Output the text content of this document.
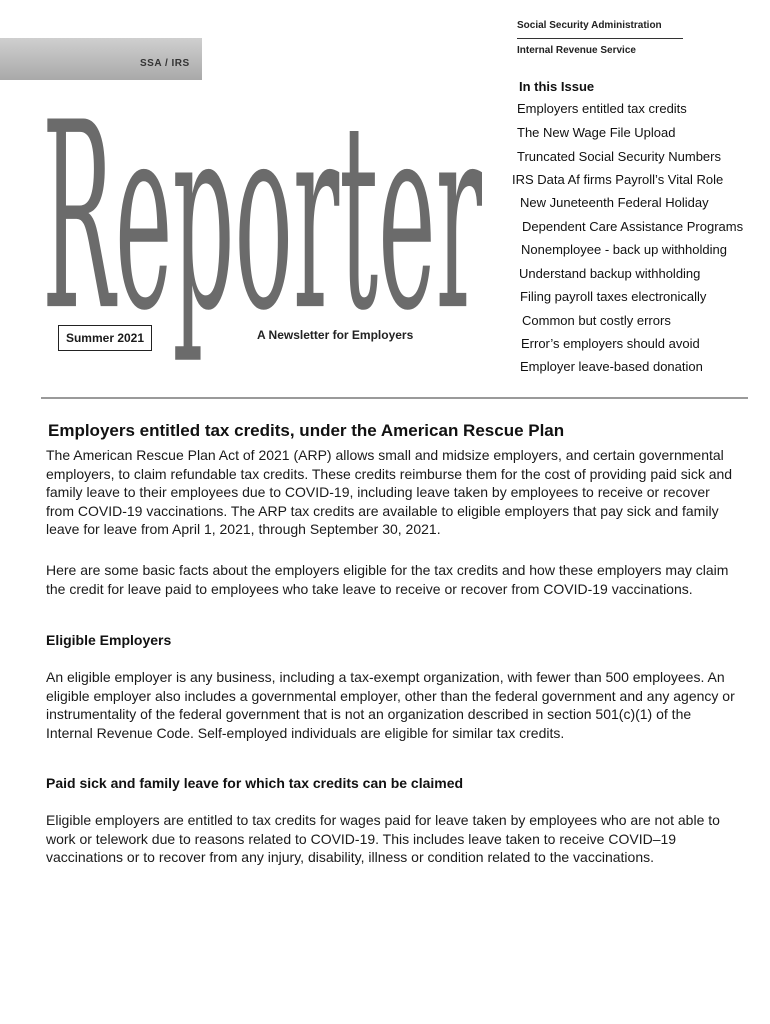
SSA / IRS
Reporter
Summer 2021	A Newsletter for Employers
Social Security Administration
Internal Revenue Service
In this Issue
Employers entitled tax credits
The New Wage File Upload
Truncated Social Security Numbers
IRS Data Af firms Payroll’s Vital Role
New Juneteenth Federal Holiday
Dependent Care Assistance Programs
Nonemployee - back up withholding
Understand backup withholding
Filing payroll taxes electronically
Common but costly errors
Error’s employers should avoid
Employer leave-based donation
Employers entitled tax credits, under the American Rescue Plan

The American Rescue Plan Act of 2021 (ARP) allows small and midsize employers, and certain governmental employers, to claim refundable tax credits. These credits reimburse them for the cost of providing paid sick and family leave to their employees due to COVID-19, including leave taken by employees to receive or recover from COVID-19 vaccinations. The ARP tax credits are available to eligible employers that pay sick and family leave for leave from April 1, 2021, through September 30, 2021.

Here are some basic facts about the employers eligible for the tax credits and how these employers may claim the credit for leave paid to employees who take leave to receive or recover from COVID-19 vaccinations.

Eligible Employers

An eligible employer is any business, including a tax-exempt organization, with fewer than 500 employees. An eligible employer also includes a governmental employer, other than the federal government and any agency or instrumentality of the federal government that is not an organization described in section 501(c)(1) of the Internal Revenue Code. Self-employed individuals are eligible for similar tax credits.

Paid sick and family leave for which tax credits can be claimed

Eligible employers are entitled to tax credits for wages paid for leave taken by employees who are not able to work or telework due to reasons related to COVID-19. This includes leave taken to receive COVID–19 vaccinations or to recover from any injury, disability, illness or condition related to the vaccinations.
